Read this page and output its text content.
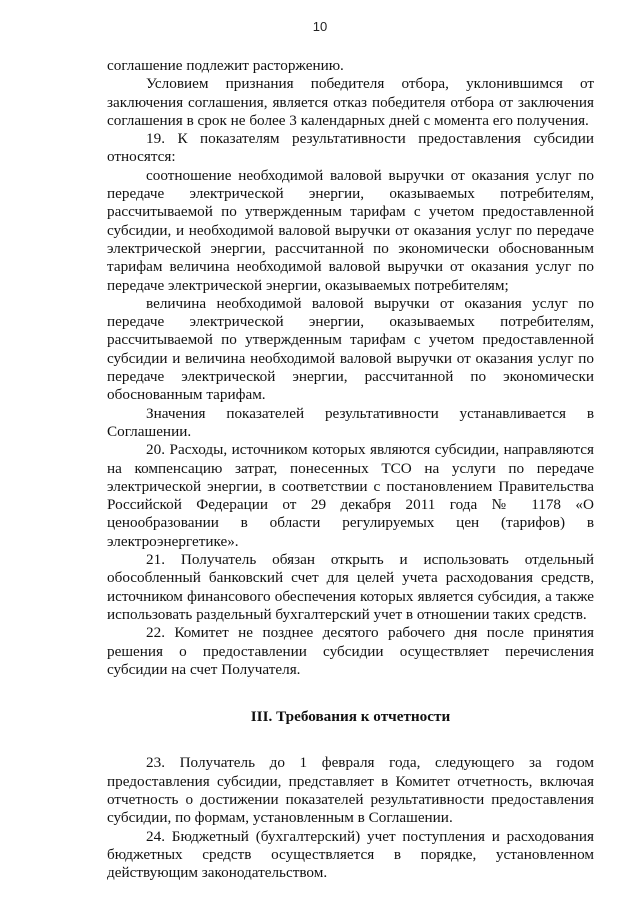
10

соглашение подлежит расторжению.

Условием признания победителя отбора, уклонившимся от заключения соглашения, является отказ победителя отбора от заключения соглашения в срок не более 3 календарных дней с момента его получения.

19. К показателям результативности предоставления субсидии относятся:

соотношение необходимой валовой выручки от оказания услуг по передаче электрической энергии, оказываемых потребителям, рассчитываемой по утвержденным тарифам с учетом предоставленной субсидии, и необходимой валовой выручки от оказания услуг по передаче электрической энергии, рассчитанной по экономически обоснованным тарифам величина необходимой валовой выручки от оказания услуг по передаче электрической энергии, оказываемых потребителям;

величина необходимой валовой выручки от оказания услуг по передаче электрической энергии, оказываемых потребителям, рассчитываемой по утвержденным тарифам с учетом предоставленной субсидии и величина необходимой валовой выручки от оказания услуг по передаче электрической энергии, рассчитанной по экономически обоснованным тарифам.

Значения показателей результативности устанавливается в Соглашении.

20. Расходы, источником которых являются субсидии, направляются на компенсацию затрат, понесенных ТСО на услуги по передаче электрической энергии, в соответствии с постановлением Правительства Российской Федерации от 29 декабря 2011 года № 1178 «О ценообразовании в области регулируемых цен (тарифов) в электроэнергетике».

21. Получатель обязан открыть и использовать отдельный обособленный банковский счет для целей учета расходования средств, источником финансового обеспечения которых является субсидия, а также использовать раздельный бухгалтерский учет в отношении таких средств.

22. Комитет не позднее десятого рабочего дня после принятия решения о предоставлении субсидии осуществляет перечисления субсидии на счет Получателя.

III. Требования к отчетности

23. Получатель до 1 февраля года, следующего за годом предоставления субсидии, представляет в Комитет отчетность, включая отчетность о достижении показателей результативности предоставления субсидии, по формам, установленным в Соглашении.

24. Бюджетный (бухгалтерский) учет поступления и расходования бюджетных средств осуществляется в порядке, установленном действующим законодательством.
